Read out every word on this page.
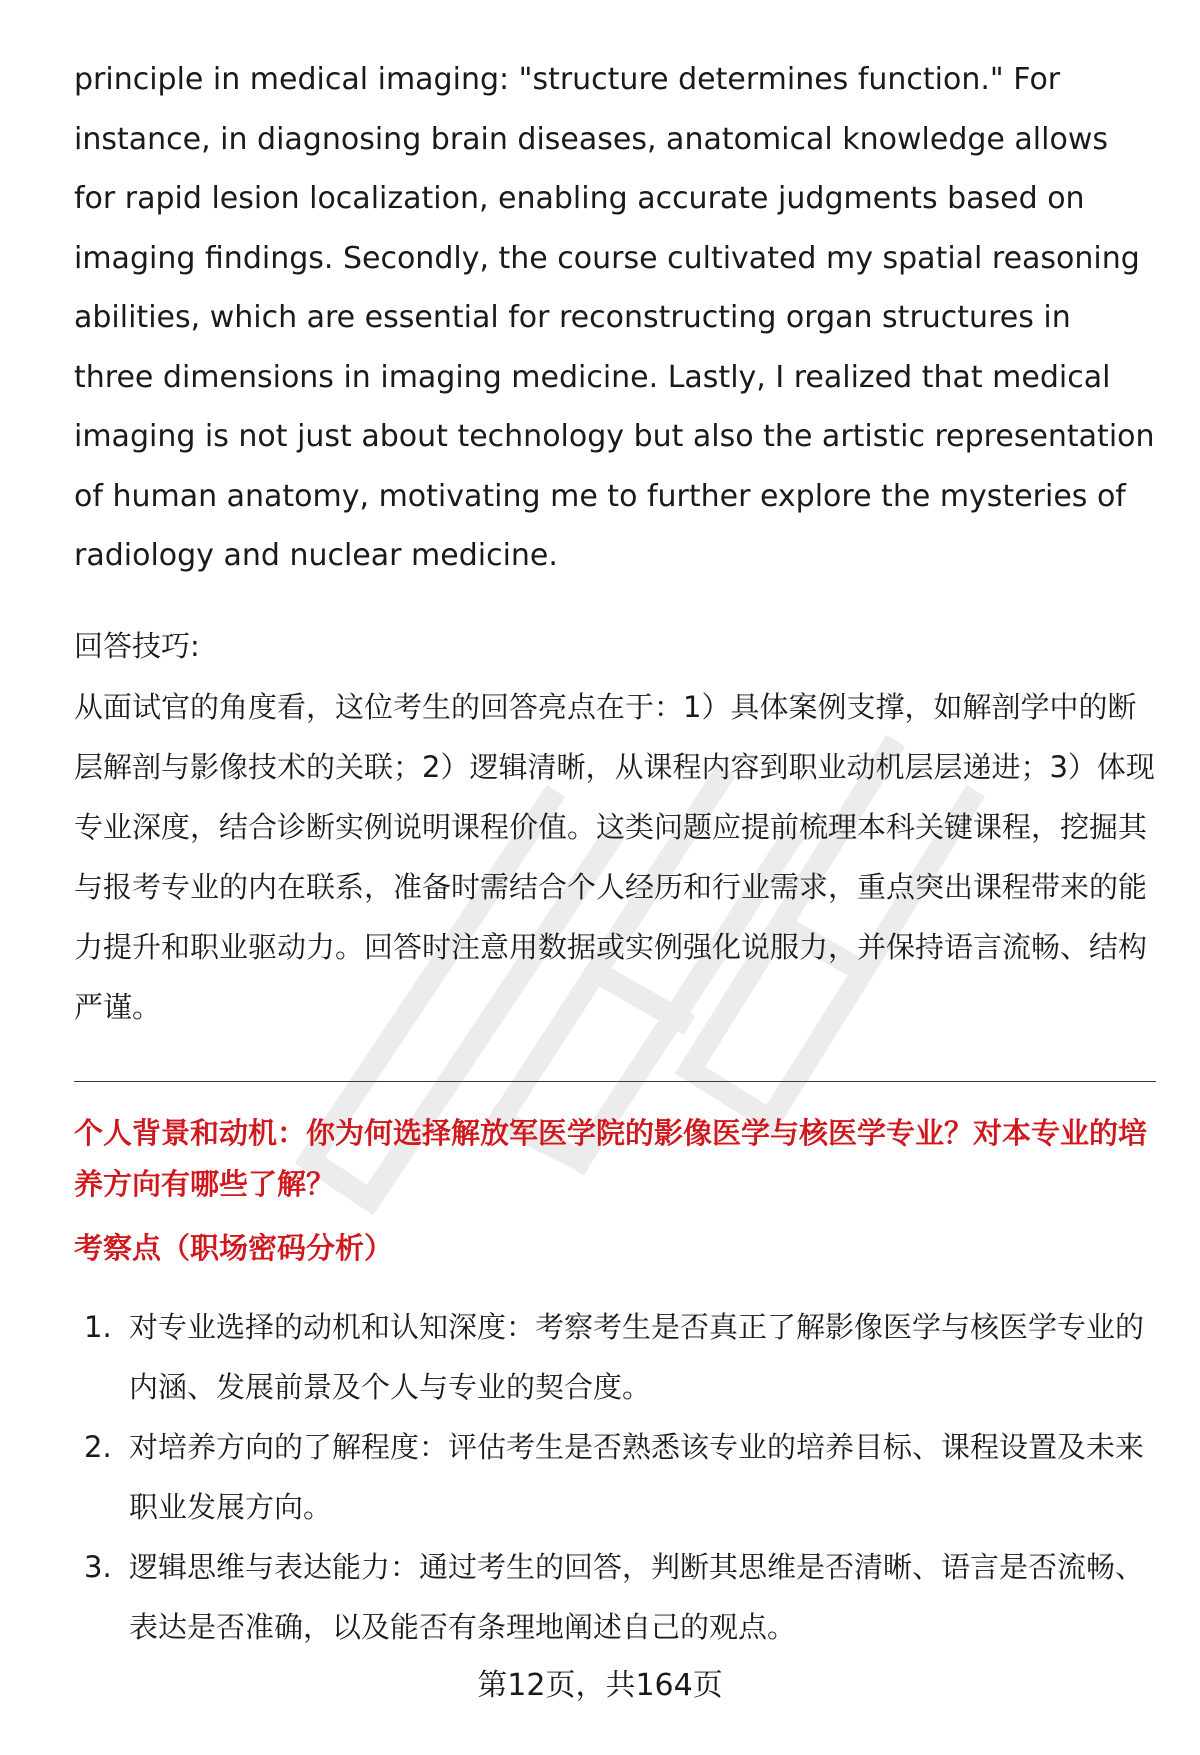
principle in medical imaging: "structure determines function." For instance, in diagnosing brain diseases, anatomical knowledge allows for rapid lesion localization, enabling accurate judgments based on imaging findings. Secondly, the course cultivated my spatial reasoning abilities, which are essential for reconstructing organ structures in three dimensions in imaging medicine. Lastly, I realized that medical imaging is not just about technology but also the artistic representation of human anatomy, motivating me to further explore the mysteries of radiology and nuclear medicine.

回答技巧:

从面试官的角度看，这位考生的回答亮点在于：1）具体案例支撑，如解剖学中的断层解剖与影像技术的关联；2）逻辑清晰，从课程内容到职业动机层层递进；3）体现专业深度，结合诊断实例说明课程价值。这类问题应提前梳理本科关键课程，挖掘其与报考专业的内在联系，准备时需结合个人经历和行业需求，重点突出课程带来的能力提升和职业驱动力。回答时注意用数据或实例强化说服力，并保持语言流畅、结构严谨。

个人背景和动机：你为何选择解放军医学院的影像医学与核医学专业？对本专业的培养方向有哪些了解？

考察点（职场密码分析）

1. 对专业选择的动机和认知深度：考察考生是否真正了解影像医学与核医学专业的内涵、发展前景及个人与专业的契合度。
2. 对培养方向的了解程度：评估考生是否熟悉该专业的培养目标、课程设置及未来职业发展方向。
3. 逻辑思维与表达能力：通过考生的回答，判断其思维是否清晰、语言是否流畅、表达是否准确，以及能否有条理地阐述自己的观点。
第12页，共164页
